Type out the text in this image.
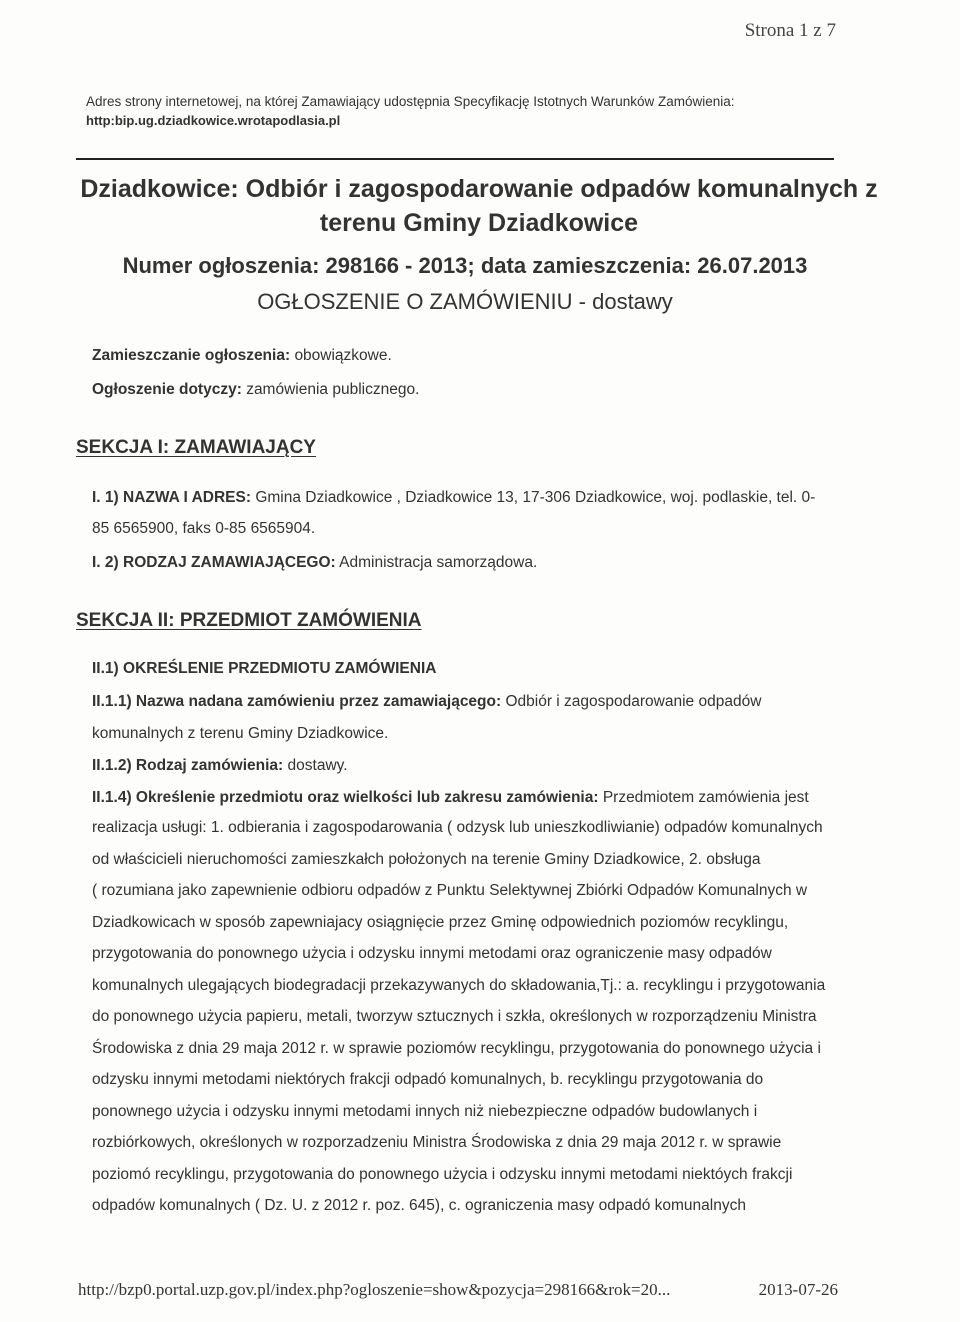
Strona 1 z 7
Adres strony internetowej, na której Zamawiający udostępnia Specyfikację Istotnych Warunków Zamówienia:
http:bip.ug.dziadkowice.wrotapodlasia.pl
Dziadkowice: Odbiór i zagospodarowanie odpadów komunalnych z
terenu Gminy Dziadkowice
Numer ogłoszenia: 298166 - 2013; data zamieszczenia: 26.07.2013
OGŁOSZENIE O ZAMÓWIENIU - dostawy
Zamieszczanie ogłoszenia: obowiązkowe.
Ogłoszenie dotyczy: zamówienia publicznego.
SEKCJA I: ZAMAWIAJĄCY
I. 1) NAZWA I ADRES: Gmina Dziadkowice , Dziadkowice 13, 17-306 Dziadkowice, woj. podlaskie, tel. 0-
85 6565900, faks 0-85 6565904.
I. 2) RODZAJ ZAMAWIAJĄCEGO: Administracja samorządowa.
SEKCJA II: PRZEDMIOT ZAMÓWIENIA
II.1) OKREŚLENIE PRZEDMIOTU ZAMÓWIENIA
II.1.1) Nazwa nadana zamówieniu przez zamawiającego: Odbiór i zagospodarowanie odpadów
komunalnych z terenu Gminy Dziadkowice.
II.1.2) Rodzaj zamówienia: dostawy.
II.1.4) Określenie przedmiotu oraz wielkości lub zakresu zamówienia: Przedmiotem zamówienia jest
realizacja usługi: 1. odbierania i zagospodarowania ( odzysk lub unieszkodliwianie) odpadów komunalnych
od właścicieli nieruchomości zamieszkałch położonych na terenie Gminy Dziadkowice, 2. obsługa
( rozumiana jako zapewnienie odbioru odpadów z Punktu Selektywnej Zbiórki Odpadów Komunalnych w
Dziadkowicach w sposób zapewniajacy osiągnięcie przez Gminę odpowiednich poziomów recyklingu,
przygotowania do ponownego użycia i odzysku innymi metodami oraz ograniczenie masy odpadów
komunalnych ulegających biodegradacji przekazywanych do składowania,Tj.: a. recyklingu i przygotowania
do ponownego użycia papieru, metali, tworzyw sztucznych i szkła, określonych w rozporządzeniu Ministra
Środowiska z dnia 29 maja 2012 r. w sprawie poziomów recyklingu, przygotowania do ponownego użycia i
odzysku innymi metodami niektórych frakcji odpadó komunalnych, b. recyklingu przygotowania do
ponownego użycia i odzysku innymi metodami innych niż niebezpieczne odpadów budowlanych i
rozbiórkowych, określonych w rozporzadzeniu Ministra Środowiska z dnia 29 maja 2012 r. w sprawie
poziomó recyklingu, przygotowania do ponownego użycia i odzysku innymi metodami niektóych frakcji
odpadów komunalnych ( Dz. U. z 2012 r. poz. 645), c. ograniczenia masy odpadó komunalnych
http://bzp0.portal.uzp.gov.pl/index.php?ogloszenie=show&pozycja=298166&rok=20...	2013-07-26
